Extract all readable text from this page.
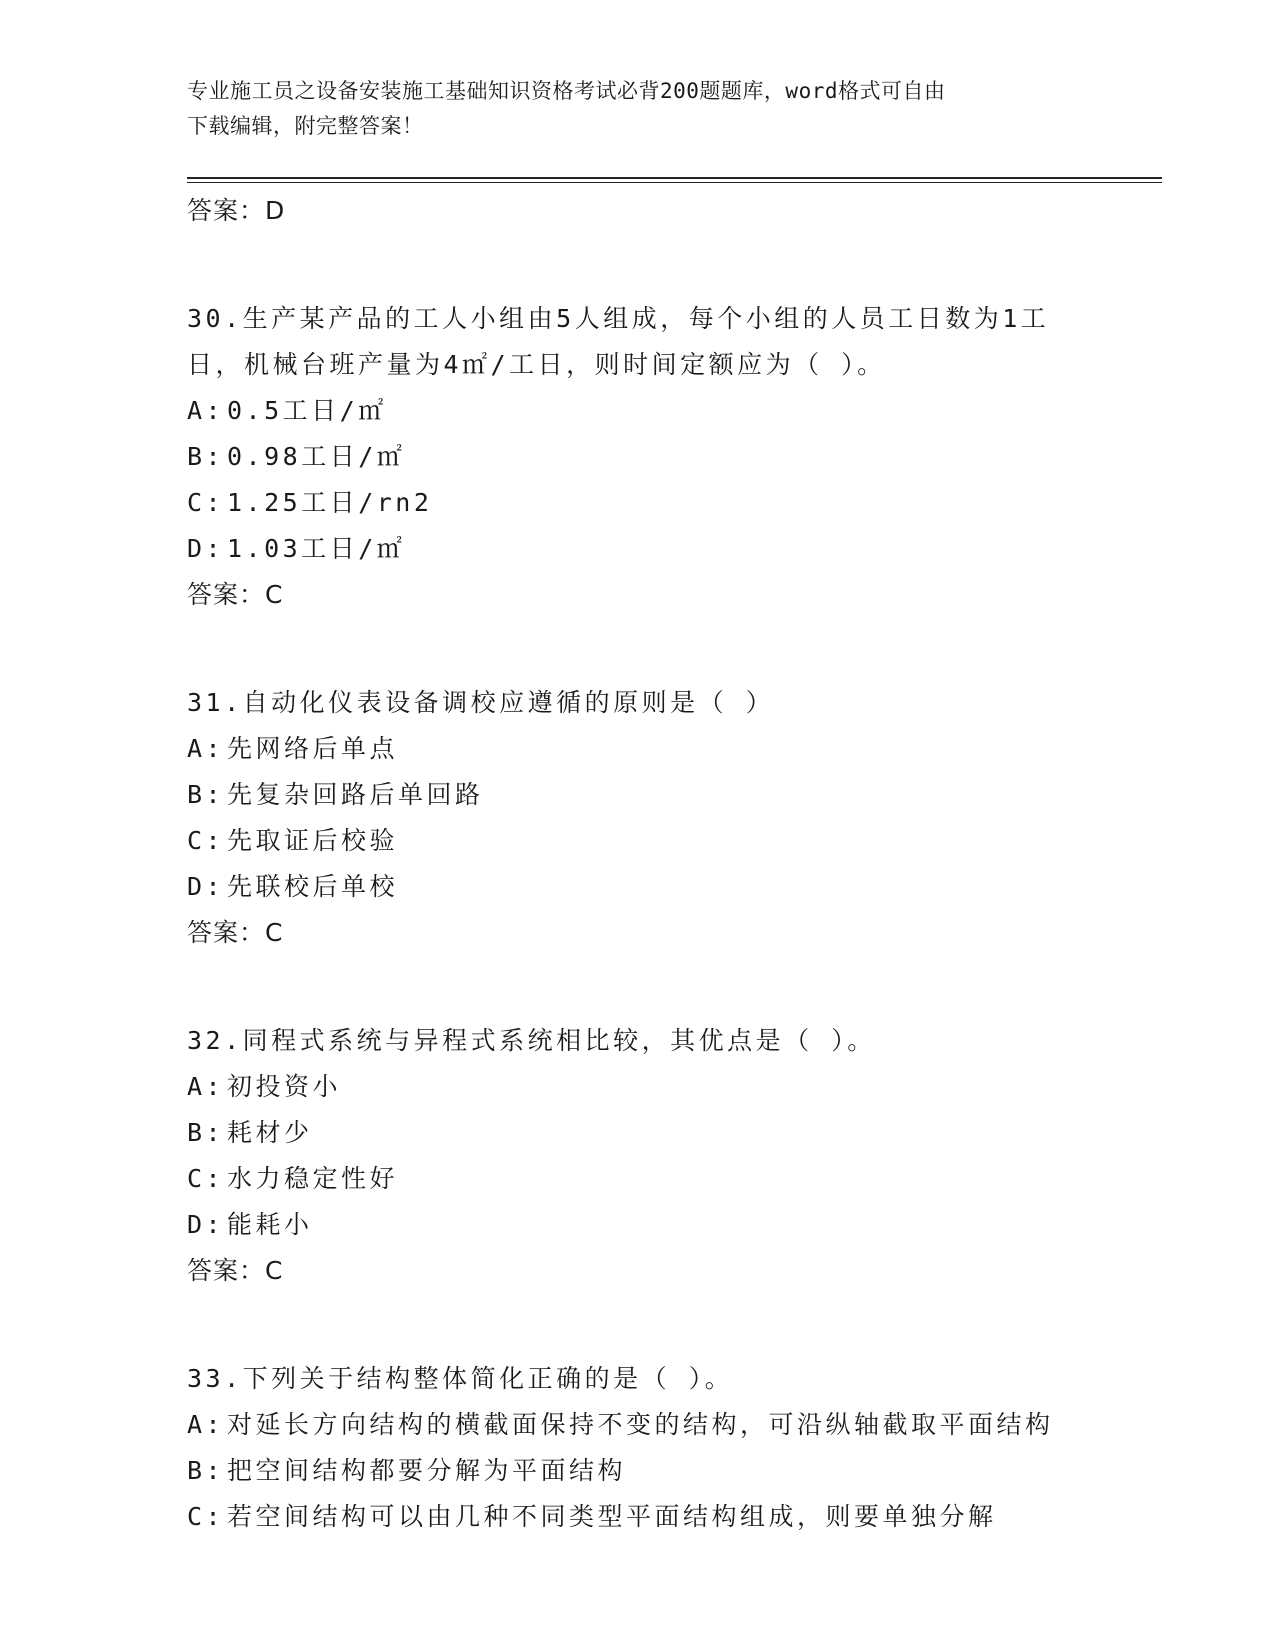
专业施工员之设备安装施工基础知识资格考试必背200题题库，word格式可自由
下载编辑，附完整答案！
答案：D
30.生产某产品的工人小组由5人组成，每个小组的人员工日数为1工
日，机械台班产量为4㎡/工日，则时间定额应为（ ）。
A: 0.5工日/㎡
B: 0.98工日/㎡
C: 1.25工日/rn2
D: 1.03工日/㎡
答案：C
31.自动化仪表设备调校应遵循的原则是（ ）
A: 先网络后单点
B: 先复杂回路后单回路
C: 先取证后校验
D: 先联校后单校
答案：C
32.同程式系统与异程式系统相比较，其优点是（ ）。
A: 初投资小
B: 耗材少
C: 水力稳定性好
D: 能耗小
答案：C
33.下列关于结构整体简化正确的是（ ）。
A: 对延长方向结构的横截面保持不变的结构，可沿纵轴截取平面结构
B: 把空间结构都要分解为平面结构
C: 若空间结构可以由几种不同类型平面结构组成，则要单独分解
